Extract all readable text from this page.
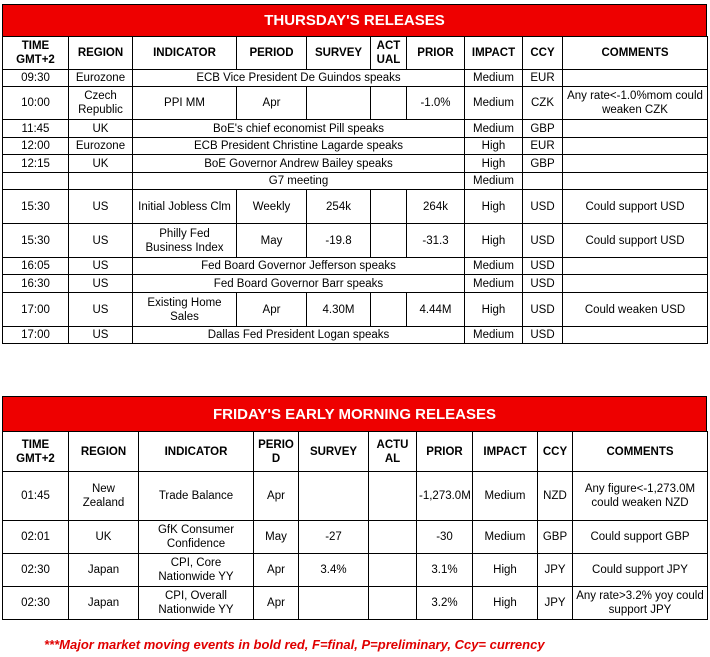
THURSDAY'S RELEASES
TIME GMT+2	REGION	INDICATOR	PERIOD	SURVEY	ACT UAL	PRIOR	IMPACT	CCY	COMMENTS
09:30	Eurozone	ECB Vice President De Guindos speaks					Medium	EUR	
10:00	Czech Republic	PPI MM	Apr			-1.0%	Medium	CZK	Any rate<-1.0%mom could weaken CZK
11:45	UK	BoE's chief economist Pill speaks					Medium	GBP	
12:00	Eurozone	ECB President Christine Lagarde speaks					High	EUR	
12:15	UK	BoE Governor Andrew Bailey speaks					High	GBP	
		G7 meeting					Medium		
15:30	US	Initial Jobless Clm	Weekly	254k		264k	High	USD	Could support USD
15:30	US	Philly Fed Business Index	May	-19.8		-31.3	High	USD	Could support USD
16:05	US	Fed Board Governor Jefferson speaks					Medium	USD	
16:30	US	Fed Board Governor Barr speaks					Medium	USD	
17:00	US	Existing Home Sales	Apr	4.30M		4.44M	High	USD	Could weaken USD
17:00	US	Dallas Fed President Logan speaks					Medium	USD	
FRIDAY'S EARLY MORNING RELEASES
TIME GMT+2	REGION	INDICATOR	PERIO D	SURVEY	ACTU AL	PRIOR	IMPACT	CCY	COMMENTS
01:45	New Zealand	Trade Balance	Apr			-1,273.0M	Medium	NZD	Any figure<-1,273.0M could weaken NZD
02:01	UK	GfK Consumer Confidence	May	-27		-30	Medium	GBP	Could support GBP
02:30	Japan	CPI, Core Nationwide YY	Apr	3.4%		3.1%	High	JPY	Could support JPY
02:30	Japan	CPI, Overall Nationwide YY	Apr			3.2%	High	JPY	Any rate>3.2% yoy could support JPY
***Major market moving events in bold red, F=final, P=preliminary, Ccy= currency
